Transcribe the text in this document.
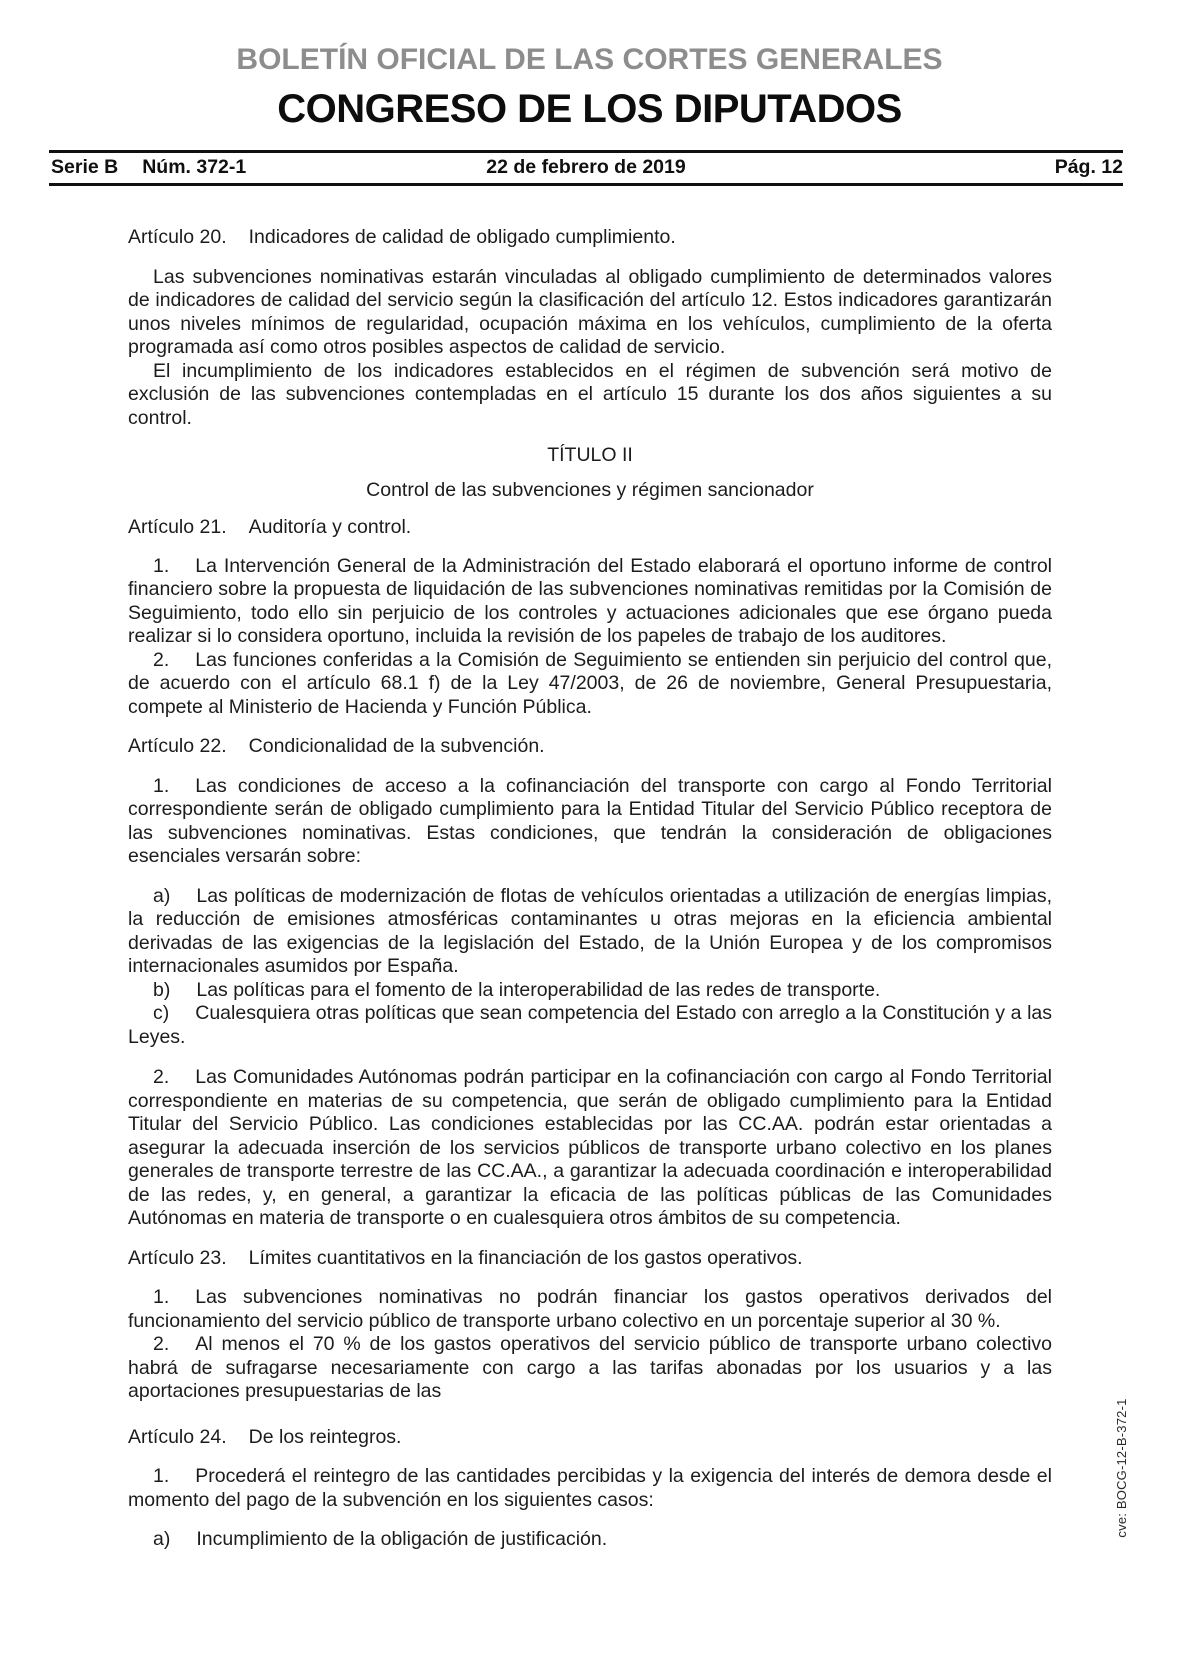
BOLETÍN OFICIAL DE LAS CORTES GENERALES
CONGRESO DE LOS DIPUTADOS
Serie B Núm. 372-1	22 de febrero de 2019	Pág. 12

Artículo 20. Indicadores de calidad de obligado cumplimiento.

Las subvenciones nominativas estarán vinculadas al obligado cumplimiento de determinados valores de indicadores de calidad del servicio según la clasificación del artículo 12. Estos indicadores garantizarán unos niveles mínimos de regularidad, ocupación máxima en los vehículos, cumplimiento de la oferta programada así como otros posibles aspectos de calidad de servicio.

El incumplimiento de los indicadores establecidos en el régimen de subvención será motivo de exclusión de las subvenciones contempladas en el artículo 15 durante los dos años siguientes a su control.

TÍTULO II

Control de las subvenciones y régimen sancionador

Artículo 21. Auditoría y control.

1. La Intervención General de la Administración del Estado elaborará el oportuno informe de control financiero sobre la propuesta de liquidación de las subvenciones nominativas remitidas por la Comisión de Seguimiento, todo ello sin perjuicio de los controles y actuaciones adicionales que ese órgano pueda realizar si lo considera oportuno, incluida la revisión de los papeles de trabajo de los auditores.

2. Las funciones conferidas a la Comisión de Seguimiento se entienden sin perjuicio del control que, de acuerdo con el artículo 68.1 f) de la Ley 47/2003, de 26 de noviembre, General Presupuestaria, compete al Ministerio de Hacienda y Función Pública.

Artículo 22. Condicionalidad de la subvención.

1. Las condiciones de acceso a la cofinanciación del transporte con cargo al Fondo Territorial correspondiente serán de obligado cumplimiento para la Entidad Titular del Servicio Público receptora de las subvenciones nominativas. Estas condiciones, que tendrán la consideración de obligaciones esenciales versarán sobre:

a) Las políticas de modernización de flotas de vehículos orientadas a utilización de energías limpias, la reducción de emisiones atmosféricas contaminantes u otras mejoras en la eficiencia ambiental derivadas de las exigencias de la legislación del Estado, de la Unión Europea y de los compromisos internacionales asumidos por España.

b) Las políticas para el fomento de la interoperabilidad de las redes de transporte.

c) Cualesquiera otras políticas que sean competencia del Estado con arreglo a la Constitución y a las Leyes.

2. Las Comunidades Autónomas podrán participar en la cofinanciación con cargo al Fondo Territorial correspondiente en materias de su competencia, que serán de obligado cumplimiento para la Entidad Titular del Servicio Público. Las condiciones establecidas por las CC.AA. podrán estar orientadas a asegurar la adecuada inserción de los servicios públicos de transporte urbano colectivo en los planes generales de transporte terrestre de las CC.AA., a garantizar la adecuada coordinación e interoperabilidad de las redes, y, en general, a garantizar la eficacia de las políticas públicas de las Comunidades Autónomas en materia de transporte o en cualesquiera otros ámbitos de su competencia.

Artículo 23. Límites cuantitativos en la financiación de los gastos operativos.

1. Las subvenciones nominativas no podrán financiar los gastos operativos derivados del funcionamiento del servicio público de transporte urbano colectivo en un porcentaje superior al 30 %.

2. Al menos el 70 % de los gastos operativos del servicio público de transporte urbano colectivo habrá de sufragarse necesariamente con cargo a las tarifas abonadas por los usuarios y a las aportaciones presupuestarias de las

Artículo 24. De los reintegros.

1. Procederá el reintegro de las cantidades percibidas y la exigencia del interés de demora desde el momento del pago de la subvención en los siguientes casos:

a) Incumplimiento de la obligación de justificación.

cve: BOCG-12-B-372-1
